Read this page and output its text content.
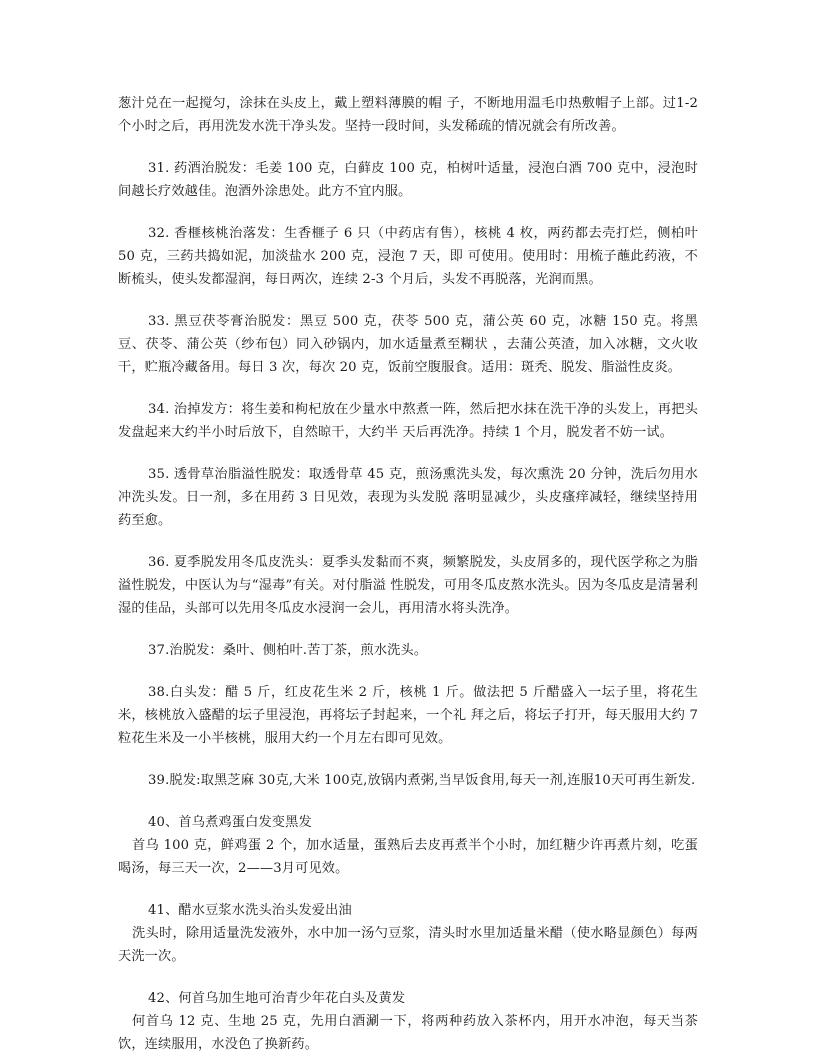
葱汁兑在一起搅匀，涂抹在头皮上，戴上塑料薄膜的帽 子，不断地用温毛巾热敷帽子上部。过1-2个小时之后，再用洗发水洗干净头发。坚持一段时间，头发稀疏的情况就会有所改善。

31. 药酒治脱发：毛姜 100 克，白藓皮 100 克，柏树叶适量，浸泡白酒 700 克中，浸泡时间越长疗效越佳。泡酒外涂患处。此方不宜内服。

32. 香榧核桃治落发：生香榧子 6 只（中药店有售），核桃 4 枚，两药都去壳打烂，侧柏叶 50 克，三药共捣如泥，加淡盐水 200 克，浸泡 7 天，即 可使用。使用时：用梳子蘸此药液，不断梳头，使头发都湿润，每日两次，连续 2-3 个月后，头发不再脱落，光润而黑。

33. 黑豆茯苓膏治脱发：黑豆 500 克，茯苓 500 克，蒲公英 60 克，冰糖 150 克。将黑豆、茯苓、蒲公英（纱布包）同入砂锅内，加水适量煮至糊状 ，去蒲公英渣，加入冰糖，文火收干，贮瓶冷藏备用。每日 3 次，每次 20 克，饭前空腹服食。适用：斑秃、脱发、脂溢性皮炎。

34. 治掉发方：将生姜和枸杞放在少量水中熬煮一阵，然后把水抹在洗干净的头发上，再把头发盘起来大约半小时后放下，自然晾干，大约半 天后再洗净。持续 1 个月，脱发者不妨一试。

35. 透骨草治脂溢性脱发：取透骨草 45 克，煎汤熏洗头发，每次熏洗 20 分钟，洗后勿用水冲洗头发。日一剂，多在用药 3 日见效，表现为头发脱 落明显减少，头皮瘙痒减轻，继续坚持用药至愈。

36. 夏季脱发用冬瓜皮洗头：夏季头发黏而不爽，频繁脱发，头皮屑多的，现代医学称之为脂溢性脱发，中医认为与“湿毒”有关。对付脂溢 性脱发，可用冬瓜皮熬水洗头。因为冬瓜皮是清暑利湿的佳品，头部可以先用冬瓜皮水浸润一会儿，再用清水将头洗净。

37.治脱发：桑叶、侧柏叶.苦丁茶，煎水洗头。

38.白头发：醋 5 斤，红皮花生米 2 斤，核桃 1 斤。做法把 5 斤醋盛入一坛子里，将花生米，核桃放入盛醋的坛子里浸泡，再将坛子封起来，一个礼 拜之后，将坛子打开，每天服用大约 7 粒花生米及一小半核桃，服用大约一个月左右即可见效。

39.脱发:取黑芝麻 30克,大米 100克,放锅内煮粥,当早饭食用,每天一剂,连服10天可再生新发.

40、首乌煮鸡蛋白发变黑发

首乌 100 克，鲜鸡蛋 2 个，加水适量，蛋熟后去皮再煮半个小时，加红糖少许再煮片刻，吃蛋喝汤，每三天一次，2——3月可见效。

41、醋水豆浆水洗头治头发爱出油

洗头时，除用适量洗发液外，水中加一汤勺豆浆，清头时水里加适量米醋（使水略显颜色）每两天洗一次。

42、何首乌加生地可治青少年花白头及黄发

何首乌 12 克、生地 25 克，先用白酒涮一下，将两种药放入茶杯内，用开水冲泡，每天当茶饮，连续服用，水没色了换新药。
